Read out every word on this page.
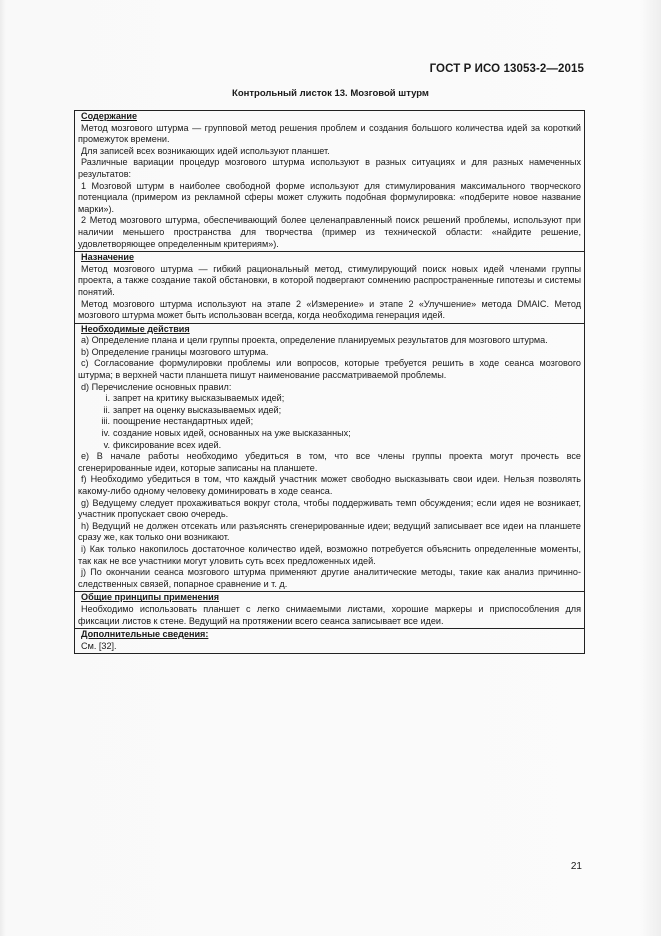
ГОСТ Р ИСО 13053-2—2015
Контрольный листок 13. Мозговой штурм
Содержание

Метод мозгового штурма — групповой метод решения проблем и создания большого количества идей за короткий промежуток времени.

Для записей всех возникающих идей используют планшет.

Различные вариации процедур мозгового штурма используют в разных ситуациях и для разных намеченных результатов:

1 Мозговой штурм в наиболее свободной форме используют для стимулирования максимального творческого потенциала (примером из рекламной сферы может служить подобная формулировка: «подберите новое название марки»).

2 Метод мозгового штурма, обеспечивающий более целенаправленный поиск решений проблемы, используют при наличии меньшего пространства для творчества (пример из технической области: «найдите решение, удовлетворяющее определенным критериям»).

Назначение

Метод мозгового штурма — гибкий рациональный метод, стимулирующий поиск новых идей членами группы проекта, а также создание такой обстановки, в которой подвергают сомнению распространенные гипотезы и системы понятий.

Метод мозгового штурма используют на этапе 2 «Измерение» и этапе 2 «Улучшение» метода DMAIC. Метод мозгового штурма может быть использован всегда, когда необходима генерация идей.

Необходимые действия

a) Определение плана и цели группы проекта, определение планируемых результатов для мозгового штурма.

b) Определение границы мозгового штурма.

c) Согласование формулировки проблемы или вопросов, которые требуется решить в ходе сеанса мозгового штурма; в верхней части планшета пишут наименование рассматриваемой проблемы.

d) Перечисление основных правил:

i. запрет на критику высказываемых идей;
ii. запрет на оценку высказываемых идей;
iii. поощрение нестандартных идей;
iv. создание новых идей, основанных на уже высказанных;
v. фиксирование всех идей.

e) В начале работы необходимо убедиться в том, что все члены группы проекта могут прочесть все сгенерированные идеи, которые записаны на планшете.

f) Необходимо убедиться в том, что каждый участник может свободно высказывать свои идеи. Нельзя позволять какому-либо одному человеку доминировать в ходе сеанса.

g) Ведущему следует прохаживаться вокруг стола, чтобы поддерживать темп обсуждения; если идея не возникает, участник пропускает свою очередь.

h) Ведущий не должен отсекать или разъяснять сгенерированные идеи; ведущий записывает все идеи на планшете сразу же, как только они возникают.

i) Как только накопилось достаточное количество идей, возможно потребуется объяснить определенные моменты, так как не все участники могут уловить суть всех предложенных идей.

j) По окончании сеанса мозгового штурма применяют другие аналитические методы, такие как анализ причинно-следственных связей, попарное сравнение и т. д.

Общие принципы применения

Необходимо использовать планшет с легко снимаемыми листами, хорошие маркеры и приспособления для фиксации листов к стене. Ведущий на протяжении всего сеанса записывает все идеи.

Дополнительные сведения:

См. [32].

21
